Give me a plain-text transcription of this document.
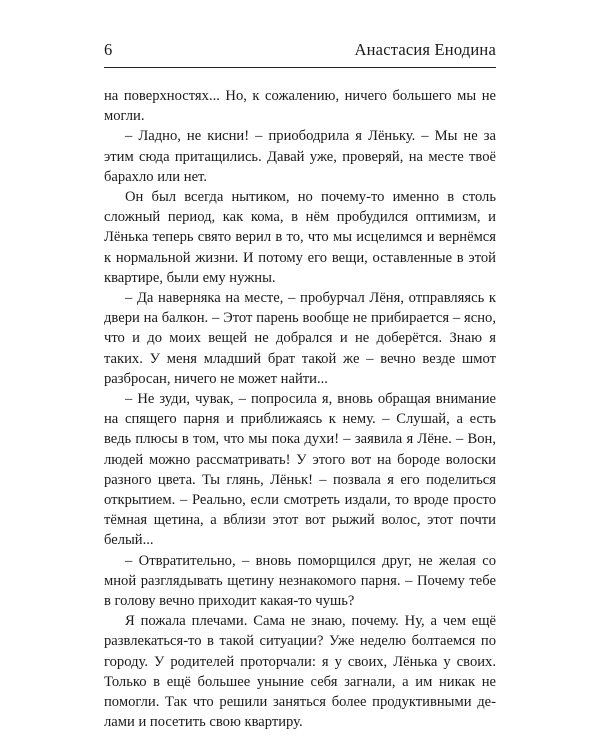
6	Анастасия Енодина

на поверхностях... Но, к сожалению, ничего большего мы не могли.

– Ладно, не кисни! – приободрила я Лёньку. – Мы не за этим сюда притащились. Давай уже, проверяй, на месте твоё барахло или нет.

Он был всегда нытиком, но почему-то именно в столь сложный период, как кома, в нём пробудился оптимизм, и Лёнька теперь свято верил в то, что мы исцелимся и вернёмся к нормальной жизни. И потому его вещи, оставленные в этой квартире, были ему нужны.

– Да наверняка на месте, – пробурчал Лёня, отправляясь к двери на балкон. – Этот парень вообще не прибирается – ясно, что и до моих вещей не добрался и не доберётся. Знаю я таких. У меня младший брат такой же – вечно везде шмот разбросан, ничего не может найти...

– Не зуди, чувак, – попросила я, вновь обращая внимание на спящего парня и приближаясь к нему. – Слушай, а есть ведь плюсы в том, что мы пока духи! – заявила я Лёне. – Вон, людей можно рассматривать! У этого вот на бороде волоски разного цвета. Ты глянь, Лёньк! – позвала я его поделиться открытием. – Реально, если смотреть издали, то вроде просто тёмная щетина, а вблизи этот вот рыжий волос, этот почти белый...

– Отвратительно, – вновь поморщился друг, не желая со мной разглядывать щетину незнакомого парня. – Почему тебе в голову вечно приходит какая-то чушь?

Я пожала плечами. Сама не знаю, почему. Ну, а чем ещё развлекаться-то в такой ситуации? Уже неделю болтаемся по городу. У родителей проторчали: я у своих, Лёнька у своих. Только в ещё большее уныние себя загнали, а им никак не помогли. Так что решили заняться более продуктивными делами и посетить свою квартиру.
